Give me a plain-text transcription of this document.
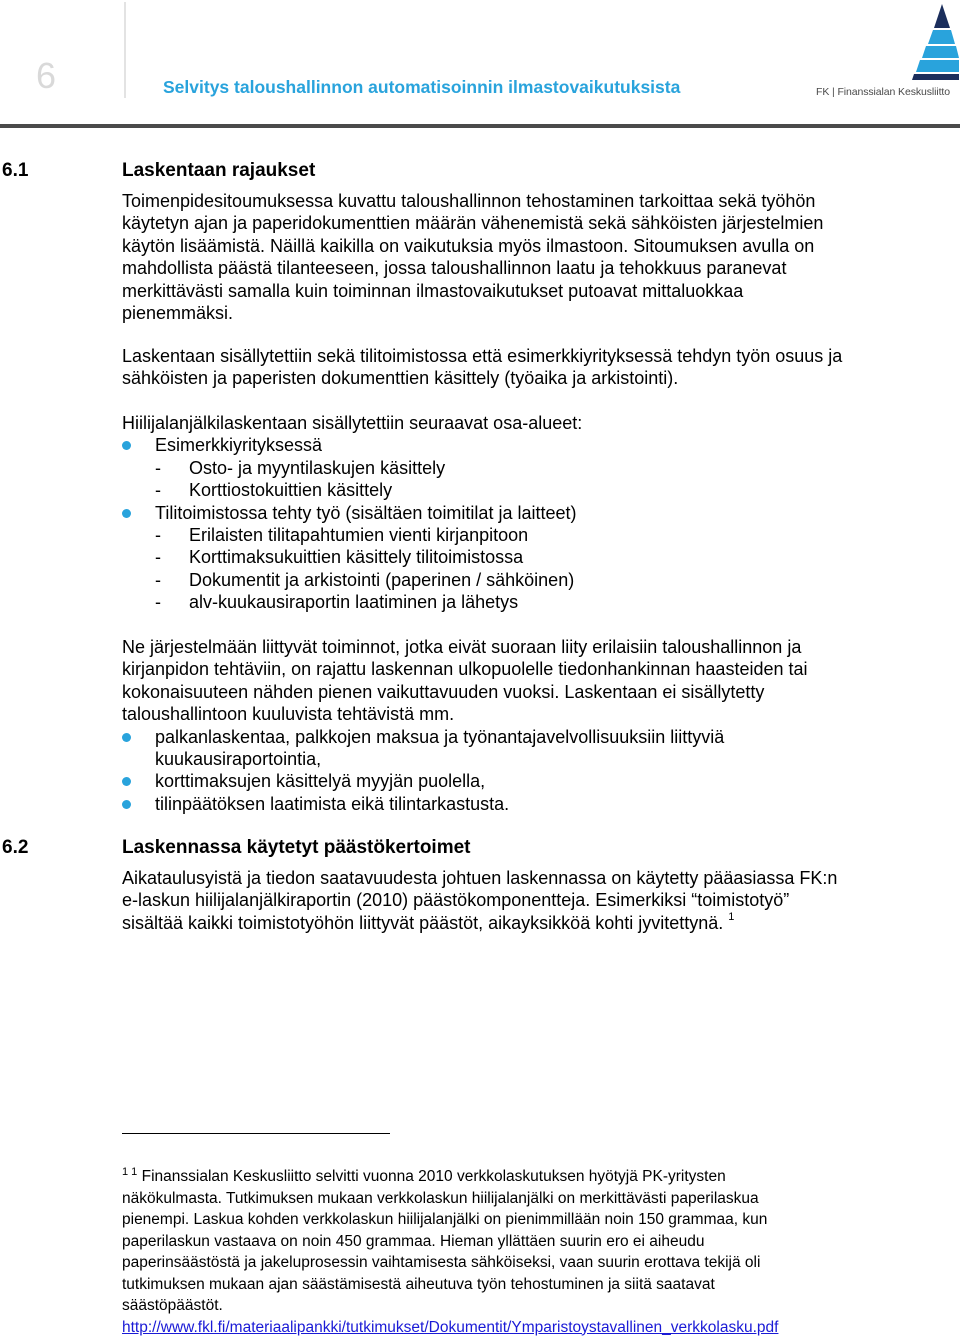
6	Selvitys taloushallinnon automatisoinnin ilmastovaikutuksista	FK | Finanssialan Keskusliitto
6.1	Laskentaan rajaukset
Toimenpidesitoumuksessa kuvattu taloushallinnon tehostaminen tarkoittaa sekä työhön
käytetyn ajan ja paperidokumenttien määrän vähenemistä sekä sähköisten järjestelmien
käytön lisäämistä. Näillä kaikilla on vaikutuksia myös ilmastoon. Sitoumuksen avulla on
mahdollista päästä tilanteeseen, jossa taloushallinnon laatu ja tehokkuus paranevat
merkittävästi samalla kuin toiminnan ilmastovaikutukset putoavat mittaluokkaa
pienemmäksi.
Laskentaan sisällytettiin sekä tilitoimistossa että esimerkkiyrityksessä tehdyn työn osuus ja
sähköisten ja paperisten dokumenttien käsittely (työaika ja arkistointi).
Hiilijalanjälkilaskentaan sisällytettiin seuraavat osa-alueet:
Esimerkkiyrityksessä
- Osto- ja myyntilaskujen käsittely
- Korttiostokuittien käsittely
Tilitoimistossa tehty työ (sisältäen toimitilat ja laitteet)
- Erilaisten tilitapahtumien vienti kirjanpitoon
- Korttimaksukuittien käsittely tilitoimistossa
- Dokumentit ja arkistointi (paperinen / sähköinen)
- alv-kuukausiraportin laatiminen ja lähetys
Ne järjestelmään liittyvät toiminnot, jotka eivät suoraan liity erilaisiin taloushallinnon ja
kirjanpidon tehtäviin, on rajattu laskennan ulkopuolelle tiedonhankinnan haasteiden tai
kokonaisuuteen nähden pienen vaikuttavuuden vuoksi. Laskentaan ei sisällytetty
taloushallintoon kuuluvista tehtävistä mm.
palkanlaskentaa, palkkojen maksua ja työnantajavelvollisuuksiin liittyviä
kuukausiraportointia,
korttimaksujen käsittelyä myyjän puolella,
tilinpäätöksen laatimista eikä tilintarkastusta.
6.2	Laskennassa käytetyt päästökertoimet
Aikataulusyistä ja tiedon saatavuudesta johtuen laskennassa on käytetty pääasiassa FK:n
e-laskun hiilijalanjälkiraportin (2010) päästökomponentteja. Esimerkiksi “toimistotyö”
sisältää kaikki toimistotyöhön liittyvät päästöt, aikayksikköä kohti jyvitettynä. $^1$
$^{1 1}$ Finanssialan Keskusliitto selvitti vuonna 2010 verkkolaskutuksen hyötyjä PK-yritysten
näkökulmasta. Tutkimuksen mukaan verkkolaskun hiilijalanjälki on merkittävästi paperilaskua
pienempi. Laskua kohden verkkolaskun hiilijalanjälki on pienimmillään noin 150 grammaa, kun
paperilaskun vastaava on noin 450 grammaa. Hieman yllättäen suurin ero ei aiheudu
paperinsäästöstä ja jakeluprosessin vaihtamisesta sähköiseksi, vaan suurin erottava tekijä oli
tutkimuksen mukaan ajan säästämisestä aiheutuva työn tehostuminen ja siitä saatavat
säästöpäästöt.
http://www.fkl.fi/materiaalipankki/tutkimukset/Dokumentit/Ymparistoystavallinen_verkkolasku.pdf
